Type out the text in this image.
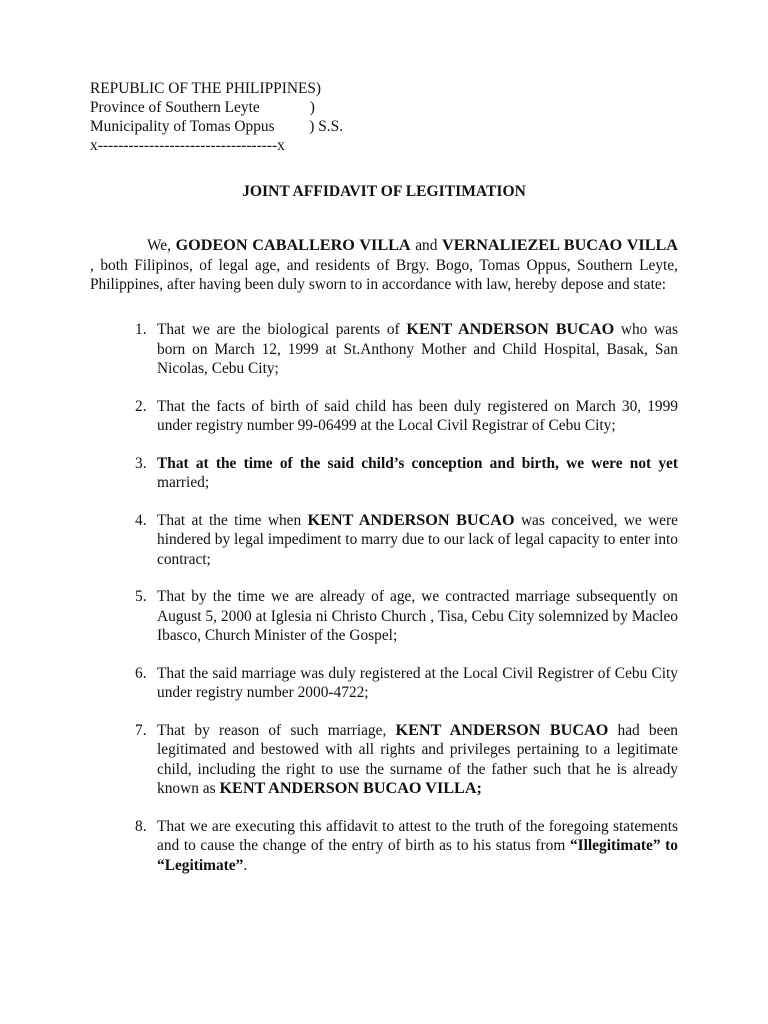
REPUBLIC OF THE PHILIPPINES)
Province of Southern Leyte             )
Municipality of Tomas Oppus         ) S.S.
x-----------------------------------x
JOINT AFFIDAVIT OF LEGITIMATION
We, GODEON CABALLERO VILLA and VERNALIEZEL BUCAO VILLA , both Filipinos, of legal age, and residents of Brgy. Bogo, Tomas Oppus, Southern Leyte, Philippines, after having been duly sworn to in accordance with law, hereby depose and state:
1. That we are the biological parents of KENT ANDERSON BUCAO who was born on March 12, 1999 at St.Anthony Mother and Child Hospital, Basak, San Nicolas, Cebu City;
2. That the facts of birth of said child has been duly registered on March 30, 1999 under registry number 99-06499 at the Local Civil Registrar of Cebu City;
3. That at the time of the said child’s conception and birth, we were not yet married;
4. That at the time when KENT ANDERSON BUCAO was conceived, we were hindered by legal impediment to marry due to our lack of legal capacity to enter into contract;
5. That by the time we are already of age, we contracted marriage subsequently on August 5, 2000 at Iglesia ni Christo Church , Tisa, Cebu City solemnized by Macleo Ibasco, Church Minister of the Gospel;
6. That the said marriage was duly registered at the Local Civil Registrer of Cebu City under registry number 2000-4722;
7. That by reason of such marriage, KENT ANDERSON BUCAO had been legitimated and bestowed with all rights and privileges pertaining to a legitimate child, including the right to use the surname of the father such that he is already known as KENT ANDERSON BUCAO VILLA;
8. That we are executing this affidavit to attest to the truth of the foregoing statements and to cause the change of the entry of birth as to his status from “Illegitimate” to “Legitimate”.
